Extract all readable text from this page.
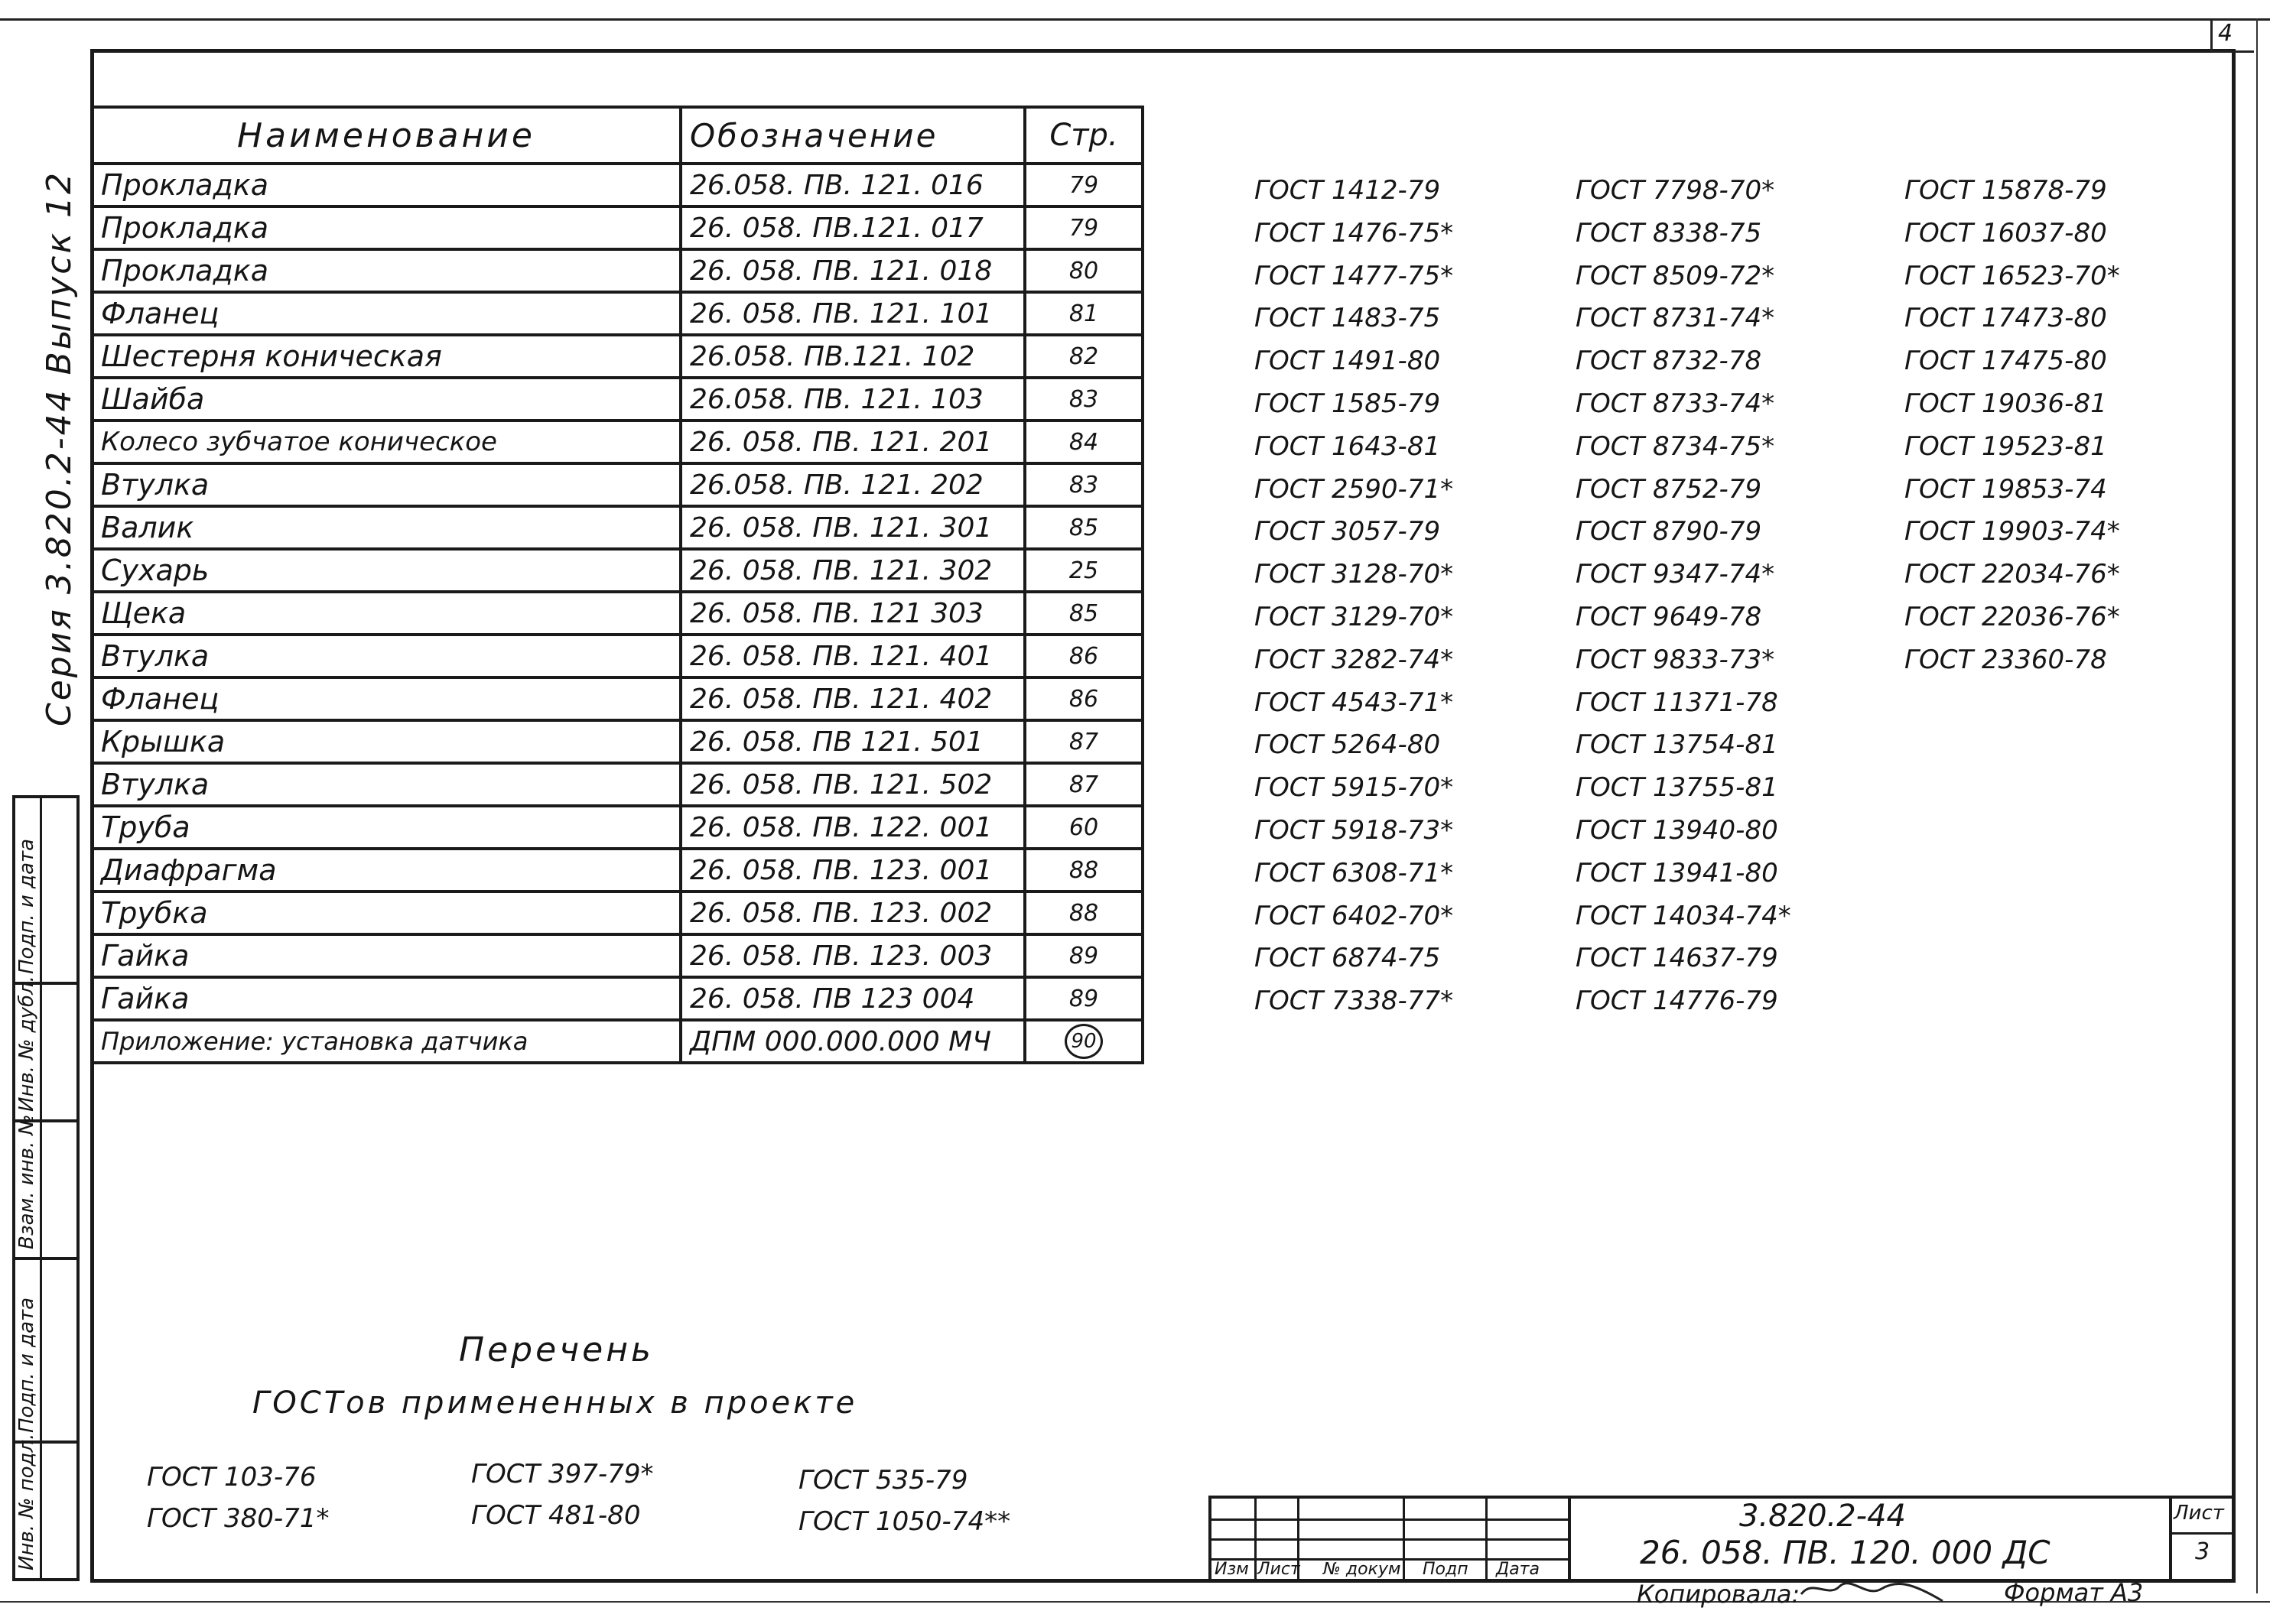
4
Серия 3.820.2-44 Выпуск 12
Подп. и дата
Инв. № дубл.
Взам. инв. №
Подп. и дата
Инв. № подл.
Наименование	Обозначение	Стр.
Прокладка	26.058. ПВ. 121. 016	79
Прокладка	26. 058. ПВ.121. 017	79
Прокладка	26. 058. ПВ. 121. 018	80
Фланец	26. 058. ПВ. 121. 101	81
Шестерня коническая	26.058. ПВ.121. 102	82
Шайба	26.058. ПВ. 121. 103	83
Колесо зубчатое коническое	26. 058. ПВ. 121. 201	84
Втулка	26.058. ПВ. 121. 202	83
Валик	26. 058. ПВ. 121. 301	85
Сухарь	26. 058. ПВ. 121. 302	25
Щека	26. 058. ПВ. 121 303	85
Втулка	26. 058. ПВ. 121. 401	86
Фланец	26. 058. ПВ. 121. 402	86
Крышка	26. 058. ПВ 121. 501	87
Втулка	26. 058. ПВ. 121. 502	87
Труба	26. 058. ПВ. 122. 001	60
Диафрагма	26. 058. ПВ. 123. 001	88
Трубка	26. 058. ПВ. 123. 002	88
Гайка	26. 058. ПВ. 123. 003	89
Гайка	26. 058. ПВ 123 004	89
Приложение: установка датчика	ДПМ 000.000.000 МЧ	90
ГОСТ 1412-79
ГОСТ 1476-75*
ГОСТ 1477-75*
ГОСТ 1483-75
ГОСТ 1491-80
ГОСТ 1585-79
ГОСТ 1643-81
ГОСТ 2590-71*
ГОСТ 3057-79
ГОСТ 3128-70*
ГОСТ 3129-70*
ГОСТ 3282-74*
ГОСТ 4543-71*
ГОСТ 5264-80
ГОСТ 5915-70*
ГОСТ 5918-73*
ГОСТ 6308-71*
ГОСТ 6402-70*
ГОСТ 6874-75
ГОСТ 7338-77*
ГОСТ 7798-70*
ГОСТ 8338-75
ГОСТ 8509-72*
ГОСТ 8731-74*
ГОСТ 8732-78
ГОСТ 8733-74*
ГОСТ 8734-75*
ГОСТ 8752-79
ГОСТ 8790-79
ГОСТ 9347-74*
ГОСТ 9649-78
ГОСТ 9833-73*
ГОСТ 11371-78
ГОСТ 13754-81
ГОСТ 13755-81
ГОСТ 13940-80
ГОСТ 13941-80
ГОСТ 14034-74*
ГОСТ 14637-79
ГОСТ 14776-79
ГОСТ 15878-79
ГОСТ 16037-80
ГОСТ 16523-70*
ГОСТ 17473-80
ГОСТ 17475-80
ГОСТ 19036-81
ГОСТ 19523-81
ГОСТ 19853-74
ГОСТ 19903-74*
ГОСТ 22034-76*
ГОСТ 22036-76*
ГОСТ 23360-78
Перечень
ГОСТов примененных в проекте
ГОСТ 103-76
ГОСТ 380-71*
ГОСТ 397-79*
ГОСТ 481-80
ГОСТ 535-79
ГОСТ 1050-74**
Изм Лист № докум Подп Дата
3.820.2-44
26. 058. ПВ. 120. 000 ДС
Лист
3
Копировала:	Формат А3
